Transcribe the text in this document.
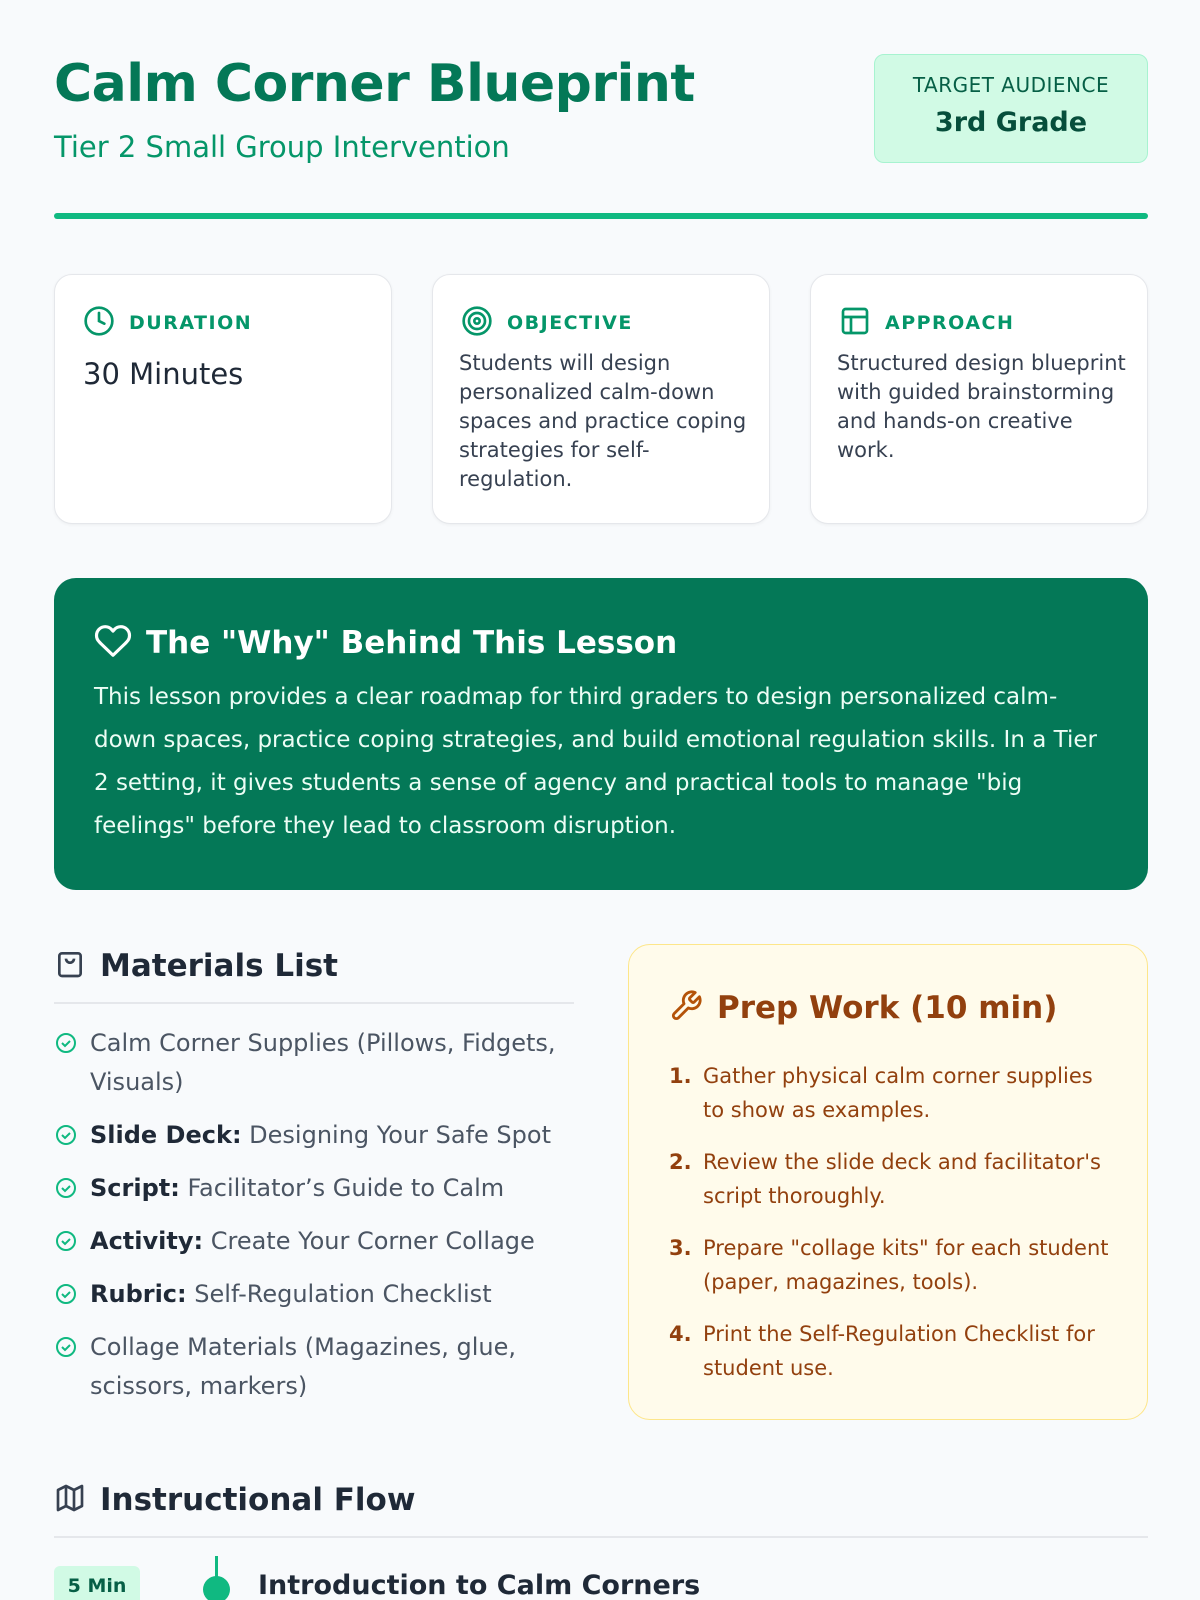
Calm Corner Blueprint
Tier 2 Small Group Intervention
TARGET AUDIENCE
3rd Grade
DURATION
30 Minutes
OBJECTIVE
Students will design personalized calm-down spaces and practice coping strategies for self-regulation.
APPROACH
Structured design blueprint with guided brainstorming and hands-on creative work.
The "Why" Behind This Lesson

This lesson provides a clear roadmap for third graders to design personalized calm-down spaces, practice coping strategies, and build emotional regulation skills. In a Tier 2 setting, it gives students a sense of agency and practical tools to manage "big feelings" before they lead to classroom disruption.

Materials List
Calm Corner Supplies (Pillows, Fidgets, Visuals)
Slide Deck: Designing Your Safe Spot
Script: Facilitator’s Guide to Calm
Activity: Create Your Corner Collage
Rubric: Self-Regulation Checklist
Collage Materials (Magazines, glue, scissors, markers)
Prep Work (10 min)
1. Gather physical calm corner supplies to show as examples.
2. Review the slide deck and facilitator's script thoroughly.
3. Prepare "collage kits" for each student (paper, magazines, tools).
4. Print the Self-Regulation Checklist for student use.
Instructional Flow
5 Min	Introduction to Calm Corners
